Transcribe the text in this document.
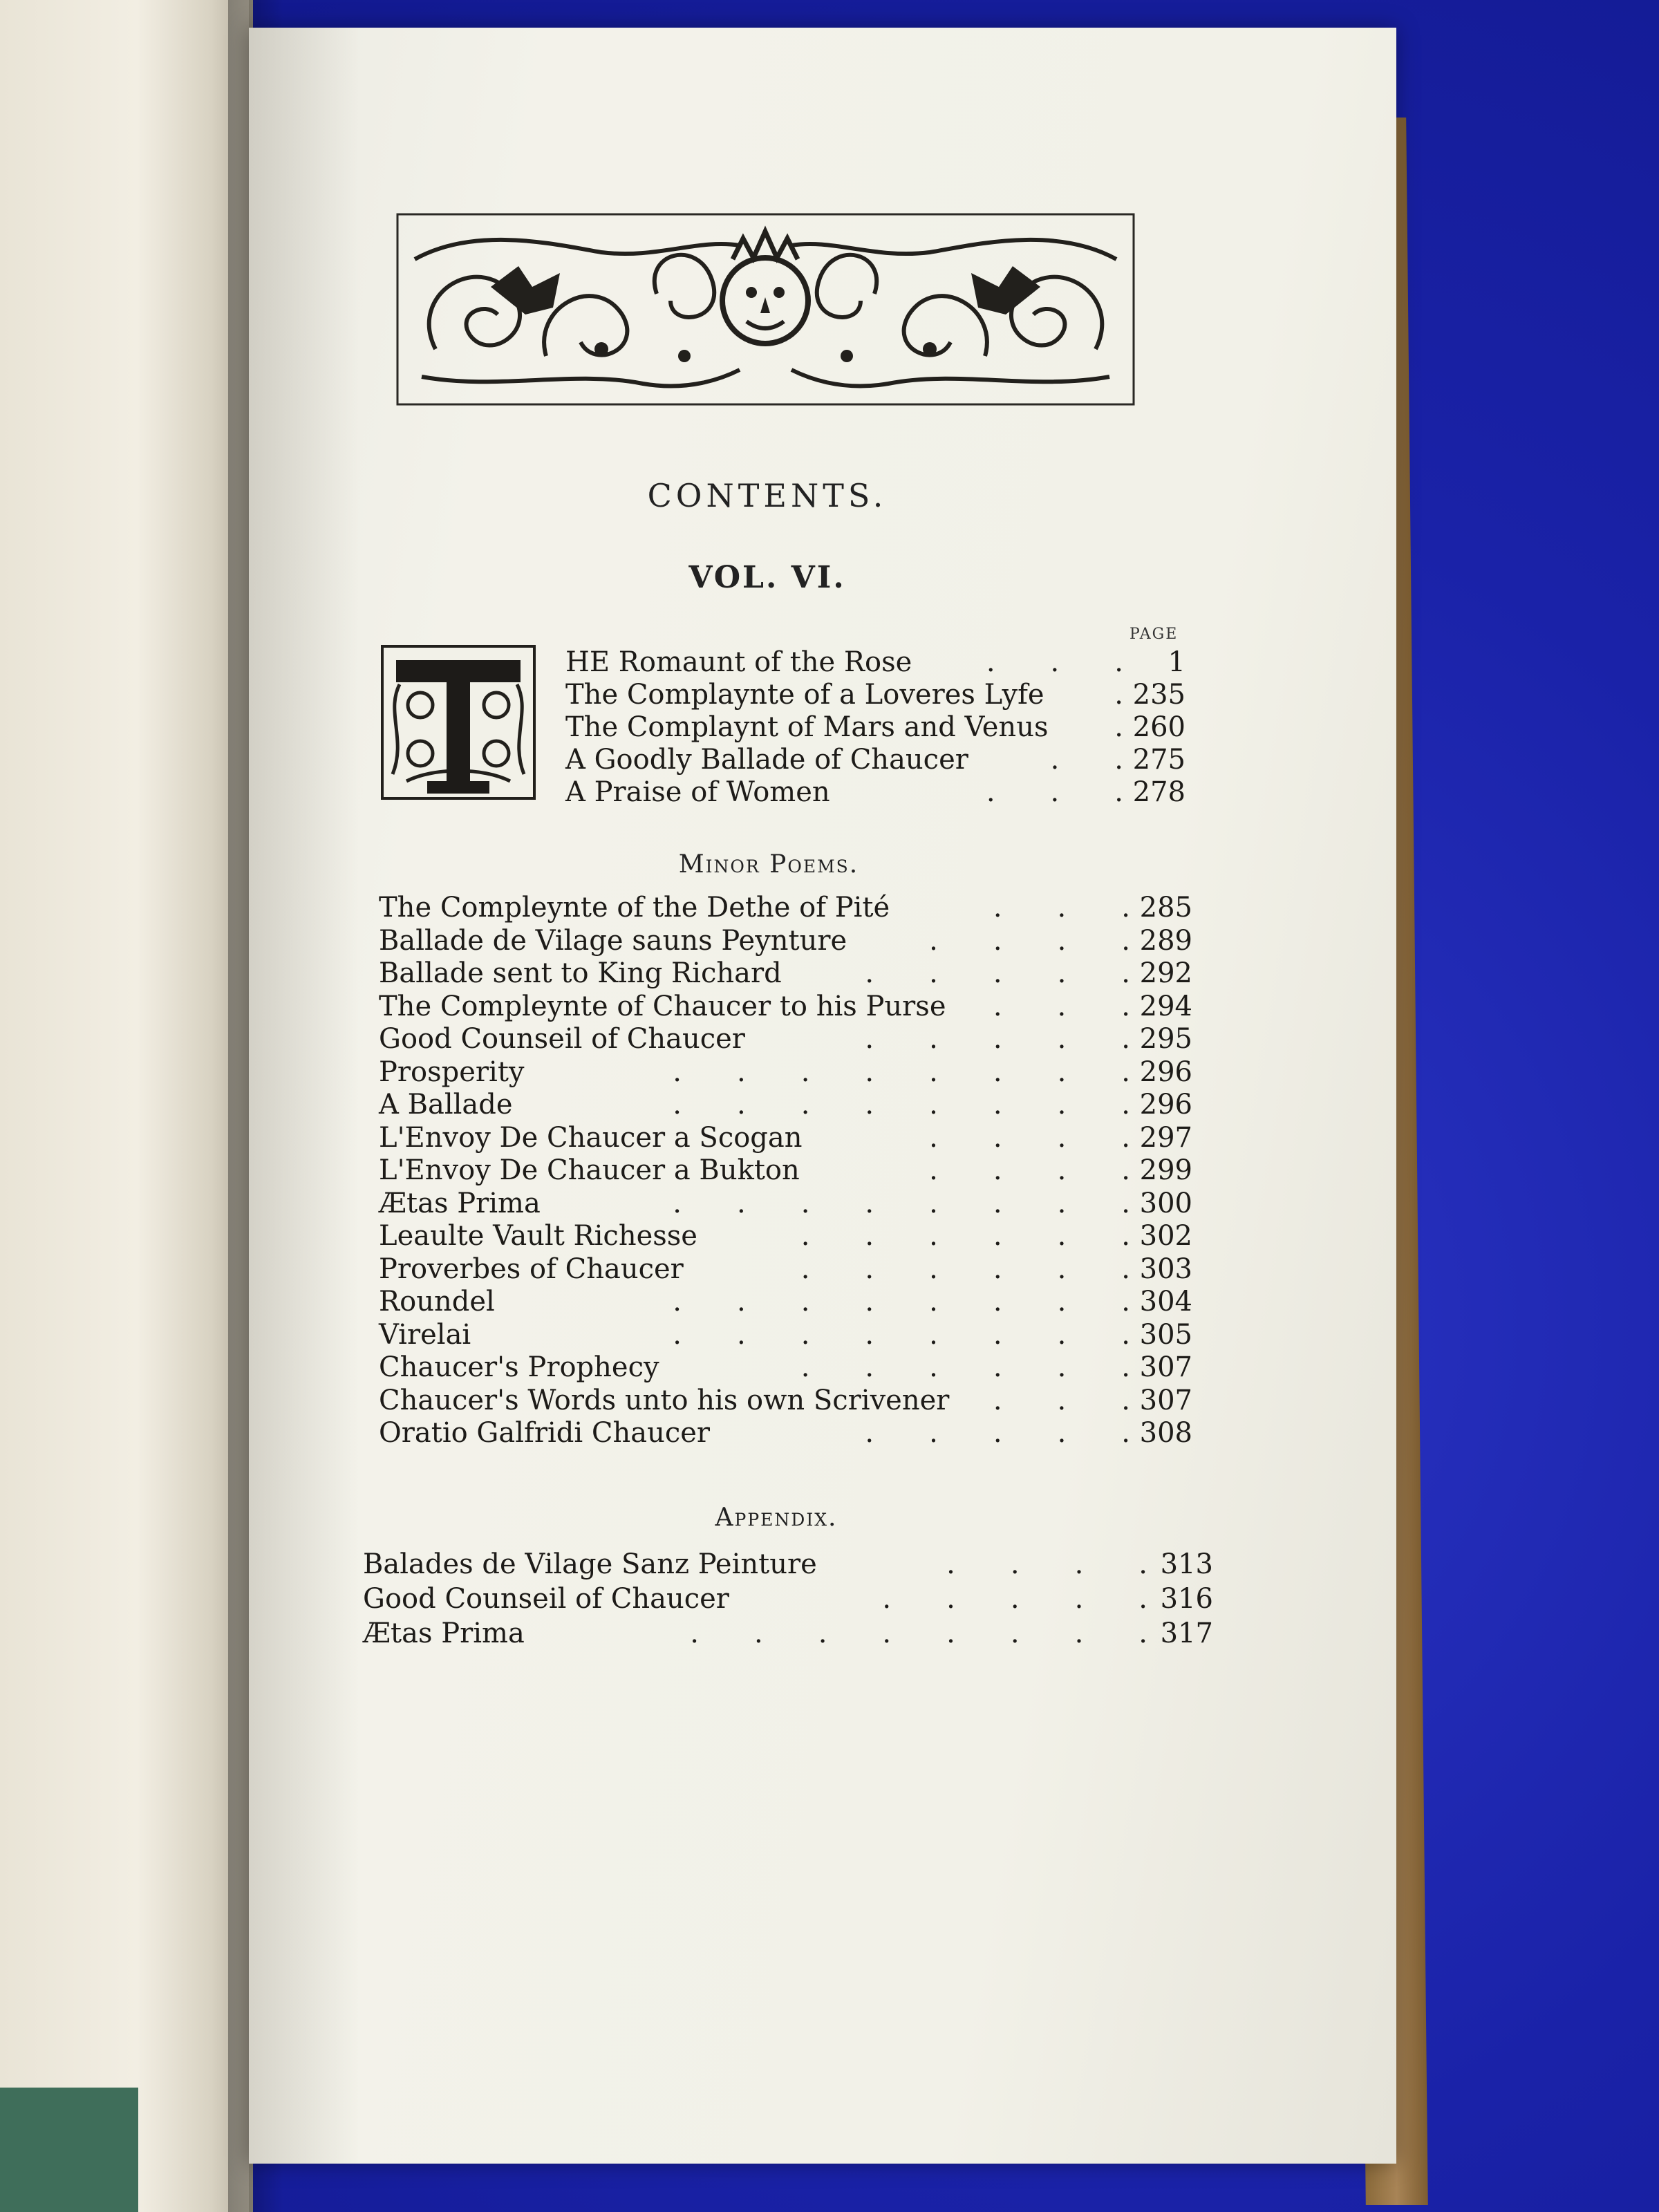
CONTENTS.
VOL. VI.
PAGE
HE Romaunt of the Rose	1
.  .  .
The Complaynte of a Loveres Lyfe	235
.
The Complaynt of Mars and Venus	260
.
A Goodly Ballade of Chaucer	275
.  .
A Praise of Women	278
.  .  .
Minor Poems.
The Compleynte of the Dethe of Pité	285
.  .  .
Ballade de Vilage sauns Peynture	289
.  .  .  .
Ballade sent to King Richard	292
.  .  .  .  .
The Compleynte of Chaucer to his Purse	294
.  .  .
Good Counseil of Chaucer	295
.  .  .  .  .
Prosperity	296
.  .  .  .  .  .  .  .
A Ballade	296
.  .  .  .  .  .  .  .
L'Envoy De Chaucer a Scogan	297
.  .  .  .
L'Envoy De Chaucer a Bukton	299
.  .  .  .
Ætas Prima	300
.  .  .  .  .  .  .  .
Leaulte Vault Richesse	302
.  .  .  .  .  .
Proverbes of Chaucer	303
.  .  .  .  .  .
Roundel	304
.  .  .  .  .  .  .  .
Virelai	305
.  .  .  .  .  .  .  .
Chaucer's Prophecy	307
.  .  .  .  .  .
Chaucer's Words unto his own Scrivener	307
.  .  .
Oratio Galfridi Chaucer	308
.  .  .  .  .
Appendix.
Balades de Vilage Sanz Peinture	313
.  .  .  .
Good Counseil of Chaucer	316
.  .  .  .  .
Ætas Prima	317
.  .  .  .  .  .  .  .
